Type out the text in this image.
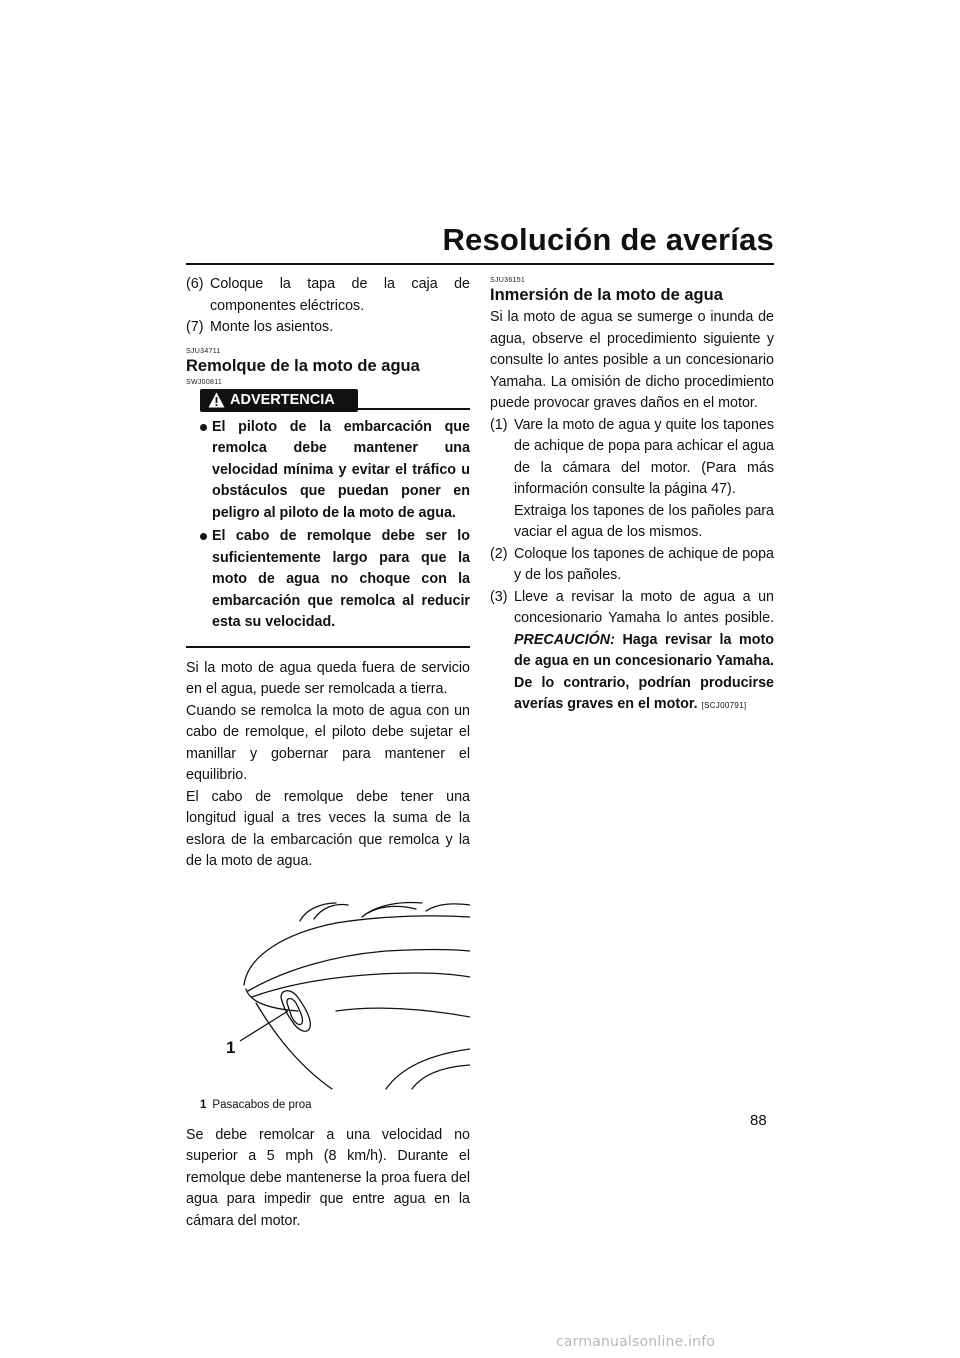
Resolución de averías
(6) Coloque la tapa de la caja de componentes eléctricos.
(7) Monte los asientos.
SJU34711
Remolque de la moto de agua
SWJ00811
ADVERTENCIA
El piloto de la embarcación que remolca debe mantener una velocidad mínima y evitar el tráfico u obstáculos que puedan poner en peligro al piloto de la moto de agua.
El cabo de remolque debe ser lo suficientemente largo para que la moto de agua no choque con la embarcación que remolca al reducir esta su velocidad.

Si la moto de agua queda fuera de servicio en el agua, puede ser remolcada a tierra.

Cuando se remolca la moto de agua con un cabo de remolque, el piloto debe sujetar el manillar y gobernar para mantener el equilibrio.

El cabo de remolque debe tener una longitud igual a tres veces la suma de la eslora de la embarcación que remolca y la de la moto de agua.

1
1 Pasacabos de proa

Se debe remolcar a una velocidad no superior a 5 mph (8 km/h). Durante el remolque debe mantenerse la proa fuera del agua para impedir que entre agua en la cámara del motor.

SJU36151
Inmersión de la moto de agua

Si la moto de agua se sumerge o inunda de agua, observe el procedimiento siguiente y consulte lo antes posible a un concesionario Yamaha. La omisión de dicho procedimiento puede provocar graves daños en el motor.

(1) Vare la moto de agua y quite los tapones de achique de popa para achicar el agua de la cámara del motor. (Para más información consulte la página 47).
Extraiga los tapones de los pañoles para vaciar el agua de los mismos.
(2) Coloque los tapones de achique de popa y de los pañoles.
(3) Lleve a revisar la moto de agua a un concesionario Yamaha lo antes posible. PRECAUCIÓN: Haga revisar la moto de agua en un concesionario Yamaha. De lo contrario, podrían producirse averías graves en el motor. [SCJ00791]
88
carmanualsonline.info
